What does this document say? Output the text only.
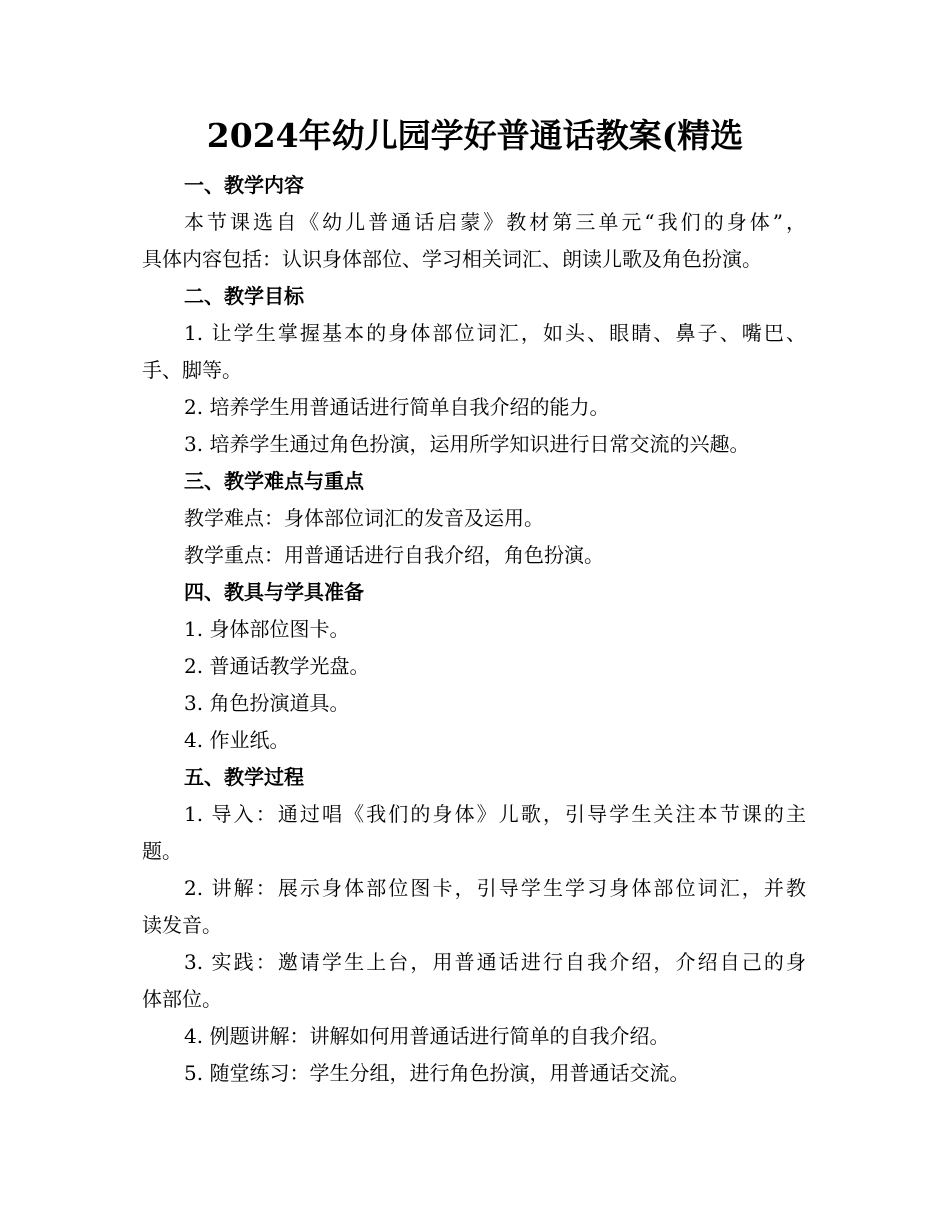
2024年幼儿园学好普通话教案(精选
一、教学内容
本节课选自《幼儿普通话启蒙》教材第三单元“我们的身体”，
具体内容包括：认识身体部位、学习相关词汇、朗读儿歌及角色扮演。
二、教学目标
1. 让学生掌握基本的身体部位词汇，如头、眼睛、鼻子、嘴巴、
手、脚等。
2. 培养学生用普通话进行简单自我介绍的能力。
3. 培养学生通过角色扮演，运用所学知识进行日常交流的兴趣。
三、教学难点与重点
教学难点：身体部位词汇的发音及运用。
教学重点：用普通话进行自我介绍，角色扮演。
四、教具与学具准备
1. 身体部位图卡。
2. 普通话教学光盘。
3. 角色扮演道具。
4. 作业纸。
五、教学过程
1. 导入：通过唱《我们的身体》儿歌，引导学生关注本节课的主
题。
2. 讲解：展示身体部位图卡，引导学生学习身体部位词汇，并教
读发音。
3. 实践：邀请学生上台，用普通话进行自我介绍，介绍自己的身
体部位。
4. 例题讲解：讲解如何用普通话进行简单的自我介绍。
5. 随堂练习：学生分组，进行角色扮演，用普通话交流。
